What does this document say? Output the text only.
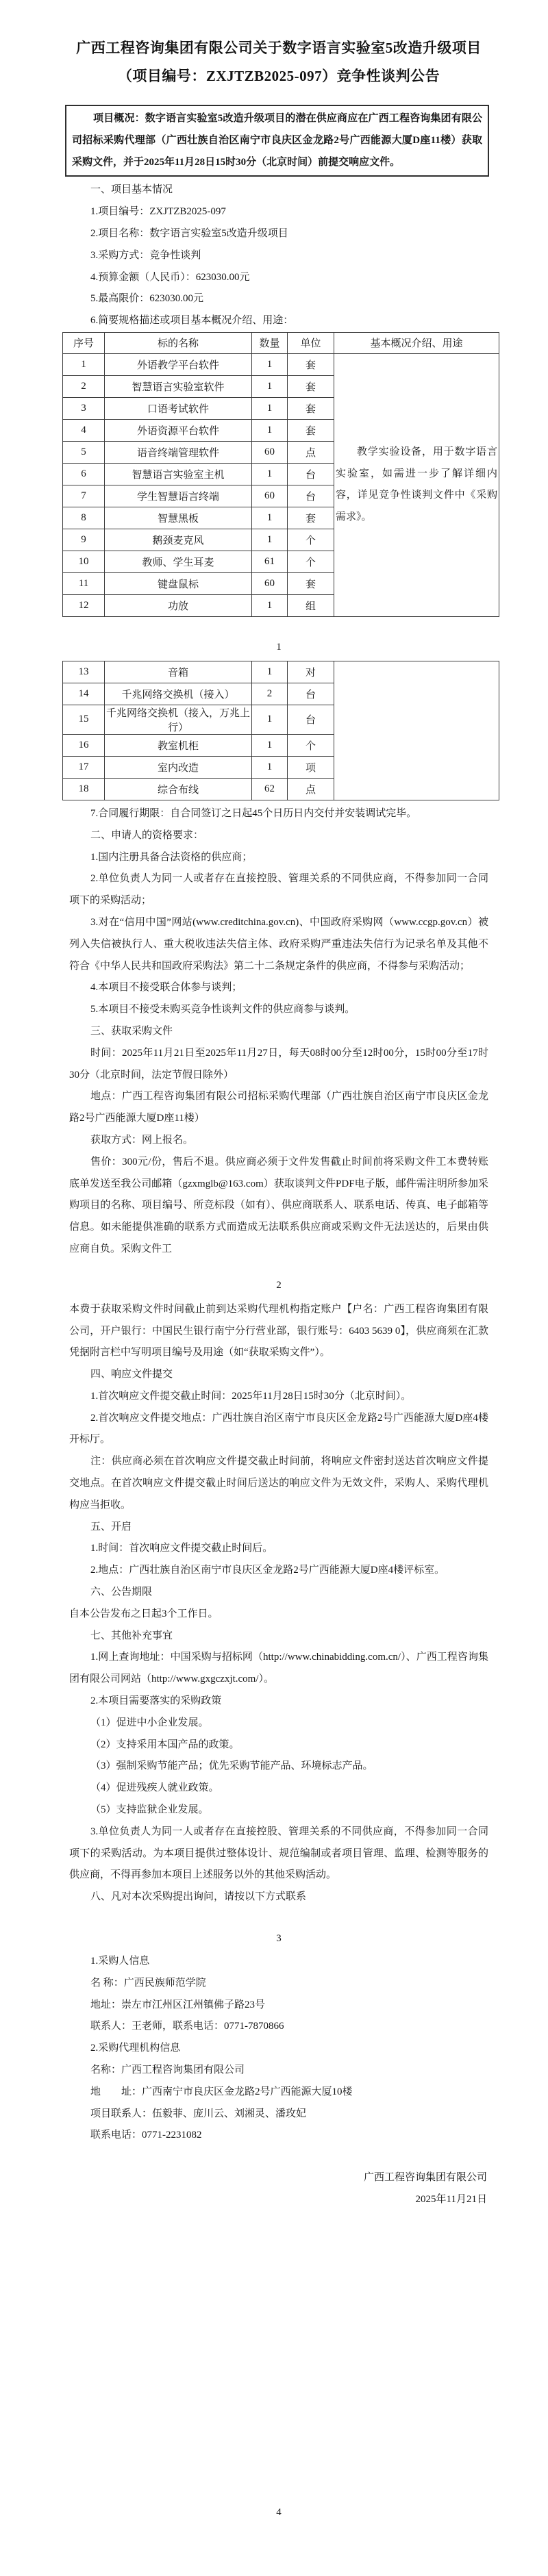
广西工程咨询集团有限公司关于数字语言实验室5改造升级项目
（项目编号：ZXJTZB2025-097）竞争性谈判公告

项目概况：数字语言实验室5改造升级项目的潜在供应商应在广西工程咨询集团有限公司招标采购代理部（广西壮族自治区南宁市良庆区金龙路2号广西能源大厦D座11楼）获取采购文件，并于2025年11月28日15时30分（北京时间）前提交响应文件。

一、项目基本情况

1.项目编号：ZXJTZB2025-097

2.项目名称：数字语言实验室5改造升级项目

3.采购方式：竞争性谈判

4.预算金额（人民币）：623030.00元

5.最高限价：623030.00元

6.简要规格描述或项目基本概况介绍、用途：

序号	标的名称	数量	单位	基本概况介绍、用途
1	外语教学平台软件	1	套	教学实验设备，用于数字语言实验室，如需进一步了解详细内容，详见竞争性谈判文件中《采购需求》。

2	智慧语言实验室软件	1	套	
3	口语考试软件	1	套	
4	外语资源平台软件	1	套	
5	语音终端管理软件	60	点	
6	智慧语言实验室主机	1	台	
7	学生智慧语言终端	60	台	
8	智慧黑板	1	套	
9	鹅颈麦克风	1	个	
10	教师、学生耳麦	61	个	
11	键盘鼠标	60	套	
12	功放	1	组	
1
13	音箱	1	对	
14	千兆网络交换机（接入）	2	台	
15	千兆网络交换机（接入，万兆上行）	1	台	
16	教室机柜	1	个	
17	室内改造	1	项	
18	综合布线	62	点	

7.合同履行期限：自合同签订之日起45个日历日内交付并安装调试完毕。

二、申请人的资格要求：

1.国内注册具备合法资格的供应商；

2.单位负责人为同一人或者存在直接控股、管理关系的不同供应商，不得参加同一合同项下的采购活动；

3.对在“信用中国”网站(www.creditchina.gov.cn)、中国政府采购网（www.ccgp.gov.cn）被列入失信被执行人、重大税收违法失信主体、政府采购严重违法失信行为记录名单及其他不符合《中华人民共和国政府采购法》第二十二条规定条件的供应商，不得参与采购活动；

4.本项目不接受联合体参与谈判；

5.本项目不接受未购买竞争性谈判文件的供应商参与谈判。

三、获取采购文件

时间：2025年11月21日至2025年11月27日，每天08时00分至12时00分，15时00分至17时30分（北京时间，法定节假日除外）

地点：广西工程咨询集团有限公司招标采购代理部（广西壮族自治区南宁市良庆区金龙路2号广西能源大厦D座11楼）

获取方式：网上报名。

售价：300元/份，售后不退。供应商必须于文件发售截止时间前将采购文件工本费转账底单发送至我公司邮箱（gzxmglb@163.com）获取谈判文件PDF电子版，邮件需注明所参加采购项目的名称、项目编号、所竞标段（如有）、供应商联系人、联系电话、传真、电子邮箱等信息。如未能提供准确的联系方式而造成无法联系供应商或采购文件无法送达的，后果由供应商自负。采购文件工

2

本费于获取采购文件时间截止前到达采购代理机构指定账户【户名：广西工程咨询集团有限公司，开户银行：中国民生银行南宁分行营业部，银行账号：6403 5639 0】，供应商须在汇款凭据附言栏中写明项目编号及用途（如“获取采购文件”）。

四、响应文件提交

1.首次响应文件提交截止时间：2025年11月28日15时30分（北京时间）。

2.首次响应文件提交地点：广西壮族自治区南宁市良庆区金龙路2号广西能源大厦D座4楼开标厅。

注：供应商必须在首次响应文件提交截止时间前，将响应文件密封送达首次响应文件提交地点。在首次响应文件提交截止时间后送达的响应文件为无效文件，采购人、采购代理机构应当拒收。

五、开启

1.时间：首次响应文件提交截止时间后。

2.地点：广西壮族自治区南宁市良庆区金龙路2号广西能源大厦D座4楼评标室。

六、公告期限

自本公告发布之日起3个工作日。

七、其他补充事宜

1.网上查询地址：中国采购与招标网（http://www.chinabidding.com.cn/）、广西工程咨询集团有限公司网站（http://www.gxgczxjt.com/）。

2.本项目需要落实的采购政策

（1）促进中小企业发展。

（2）支持采用本国产品的政策。

（3）强制采购节能产品；优先采购节能产品、环境标志产品。

（4）促进残疾人就业政策。

（5）支持监狱企业发展。

3.单位负责人为同一人或者存在直接控股、管理关系的不同供应商，不得参加同一合同项下的采购活动。为本项目提供过整体设计、规范编制或者项目管理、监理、检测等服务的供应商，不得再参加本项目上述服务以外的其他采购活动。

八、凡对本次采购提出询问，请按以下方式联系

3

1.采购人信息

名 称：广西民族师范学院

地址：崇左市江州区江州镇佛子路23号

联系人：王老师，联系电话：0771-7870866

2.采购代理机构信息

名称：广西工程咨询集团有限公司

地　　址：广西南宁市良庆区金龙路2号广西能源大厦10楼

项目联系人：伍毅菲、庞川云、刘湘灵、潘玫妃

联系电话：0771-2231082

广西工程咨询集团有限公司

2025年11月21日

4
